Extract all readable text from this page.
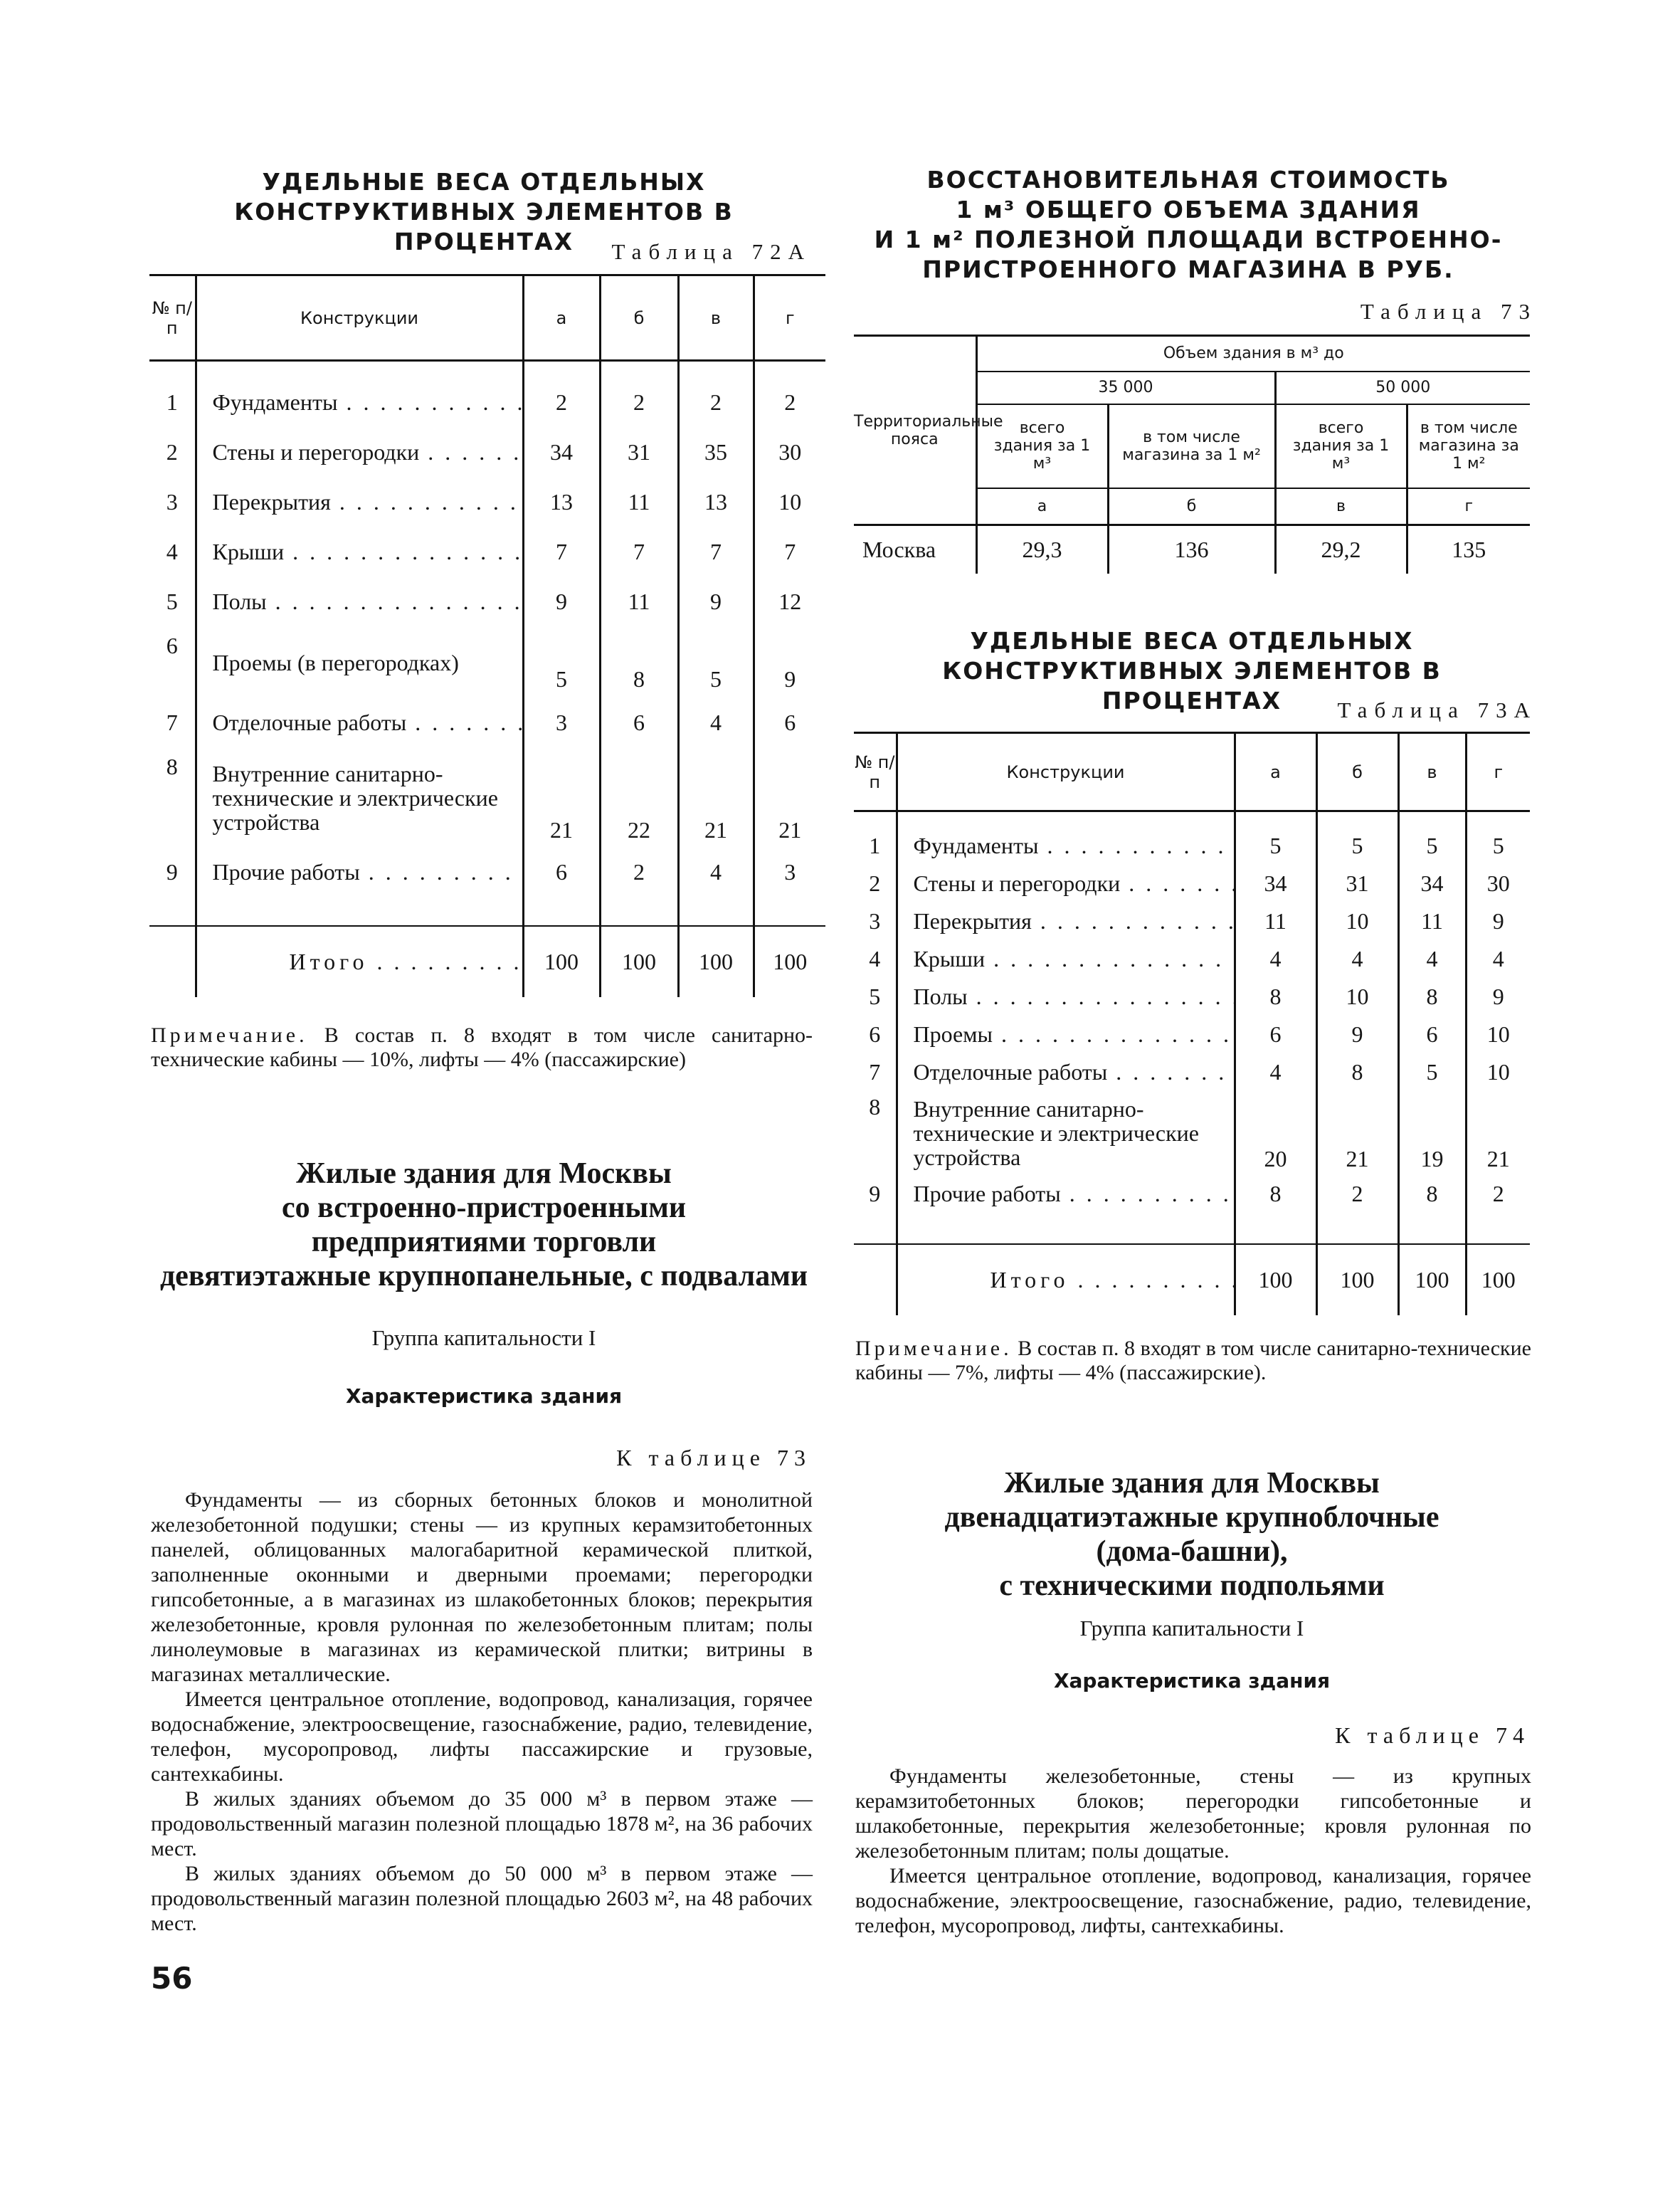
УДЕЛЬНЫЕ ВЕСА ОТДЕЛЬНЫХ
КОНСТРУКТИВНЫХ ЭЛЕМЕНТОВ В ПРОЦЕНТАХ	Таблица 72А
№ п/п	Конструкции	а	б	в	г

1	Фундаменты . . .	2	2	2	2
2	Стены и перегородки . . .	34	31	35	30
3	Перекрытия . . .	13	11	13	10
4	Крыши . . .	7	7	7	7
5	Полы . . .	9	11	9	12
6	Проемы (в перегородках)	5	8	5	9
7	Отделочные работы . . .	3	6	4	6
8	Внутренние санитарно-технические и электрические устройства	21	22	21	21
9	Прочие работы . . .	6	2	4	3

	Итого . . .	100	100	100	100
Примечание. В состав п. 8 входят в том числе санитарно-технические кабины — 10%, лифты — 4% (пассажирские)
Жилые здания для Москвы
со встроенно-пристроенными
предприятиями торговли
девятиэтажные крупнопанельные, с подвалами
Группа капитальности I
Характеристика здания
К таблице 73

Фундаменты — из сборных бетонных блоков и монолитной железобетонной подушки; стены — из крупных керамзитобетонных панелей, облицованных малогабаритной керамической плиткой, заполненные оконными и дверными проемами; перегородки гипсобетонные, а в магазинах из шлакобетонных блоков; перекрытия железобетонные, кровля рулонная по железобетонным плитам; полы линолеумовые в магазинах из керамической плитки; витрины в магазинах металлические.

Имеется центральное отопление, водопровод, канализация, горячее водоснабжение, электроосвещение, газоснабжение, радио, телевидение, телефон, мусоропровод, лифты пассажирские и грузовые, сантехкабины.

В жилых зданиях объемом до 35 000 м³ в первом этаже — продовольственный магазин полезной площадью 1878 м², на 36 рабочих мест.

В жилых зданиях объемом до 50 000 м³ в первом этаже — продовольственный магазин полезной площадью 2603 м², на 48 рабочих мест.

56
ВОССТАНОВИТЕЛЬНАЯ СТОИМОСТЬ
1 м³ ОБЩЕГО ОБЪЕМА ЗДАНИЯ
И 1 м² ПОЛЕЗНОЙ ПЛОЩАДИ ВСТРОЕННО-
ПРИСТРОЕННОГО МАГАЗИНА В РУБ.
Таблица 73
Территориальные пояса	Объем здания в м³ до			
	35 000		50 000	
	всего здания за 1 м³	в том числе магазина за 1 м²	всего здания за 1 м³	в том числе магазина за 1 м²
	а	б	в	г
Москва	29,3	136	29,2	135
УДЕЛЬНЫЕ ВЕСА ОТДЕЛЬНЫХ
КОНСТРУКТИВНЫХ ЭЛЕМЕНТОВ В ПРОЦЕНТАХ	Таблица 73А
№ п/п	Конструкции	а	б	в	г

1	Фундаменты . . .	5	5	5	5
2	Стены и перегородки . . .	34	31	34	30
3	Перекрытия . . .	11	10	11	9
4	Крыши . . .	4	4	4	4
5	Полы . . .	8	10	8	9
6	Проемы . . .	6	9	6	10
7	Отделочные работы . . .	4	8	5	10
8	Внутренние санитарно-технические и электрические устройства	20	21	19	21
9	Прочие работы . . .	8	2	8	2

	Итого . . .	100	100	100	100
Примечание. В состав п. 8 входят в том числе санитарно-технические кабины — 7%, лифты — 4% (пассажирские).
Жилые здания для Москвы
двенадцатиэтажные крупноблочные
(дома-башни),
с техническими подпольями
Группа капитальности I
Характеристика здания
К таблице 74

Фундаменты железобетонные, стены — из крупных керамзитобетонных блоков; перегородки гипсобетонные и шлакобетонные, перекрытия железобетонные; кровля рулонная по железобетонным плитам; полы дощатые.

Имеется центральное отопление, водопровод, канализация, горячее водоснабжение, электроосвещение, газоснабжение, радио, телевидение, телефон, мусоропровод, лифты, сантехкабины.
